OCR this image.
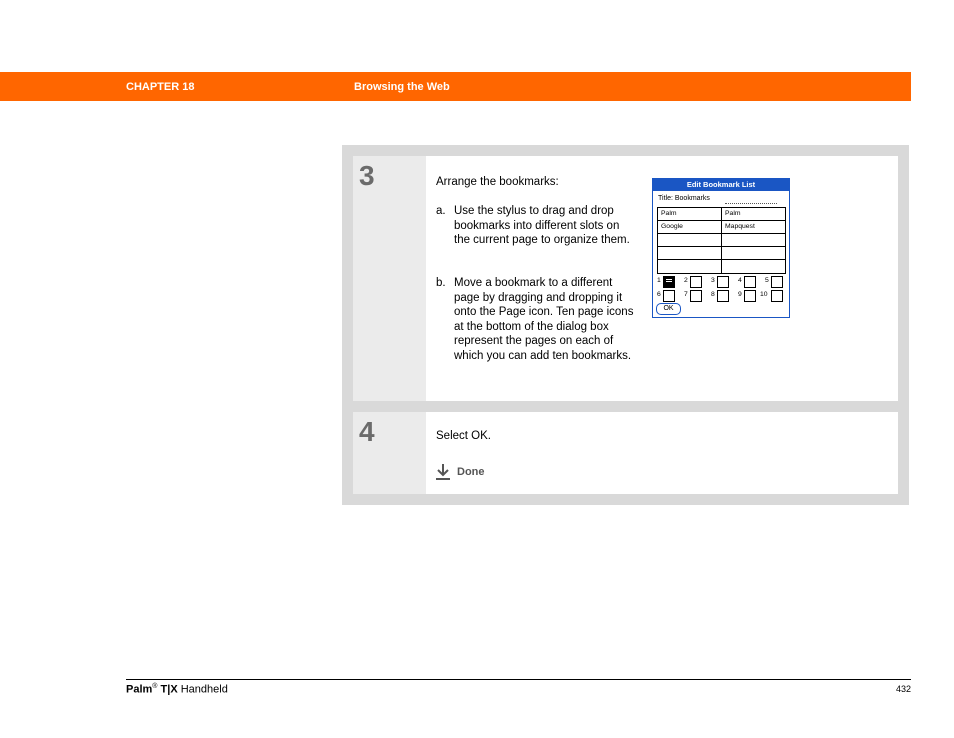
CHAPTER 18	Browsing the Web
3	Arrange the bookmarks:
a. Use the stylus to drag and drop bookmarks into different slots on the current page to organize them.
b. Move a bookmark to a different page by dragging and dropping it onto the Page icon. Ten page icons at the bottom of the dialog box represent the pages on each of which you can add ten bookmarks.
Edit Bookmark List
Title: Bookmarks
Palm	Palm
Google	Mapquest
1	2	3	4	5
6	7	8	9	10
OK
4	Select OK.
Done
Palm® T|X Handheld	432
